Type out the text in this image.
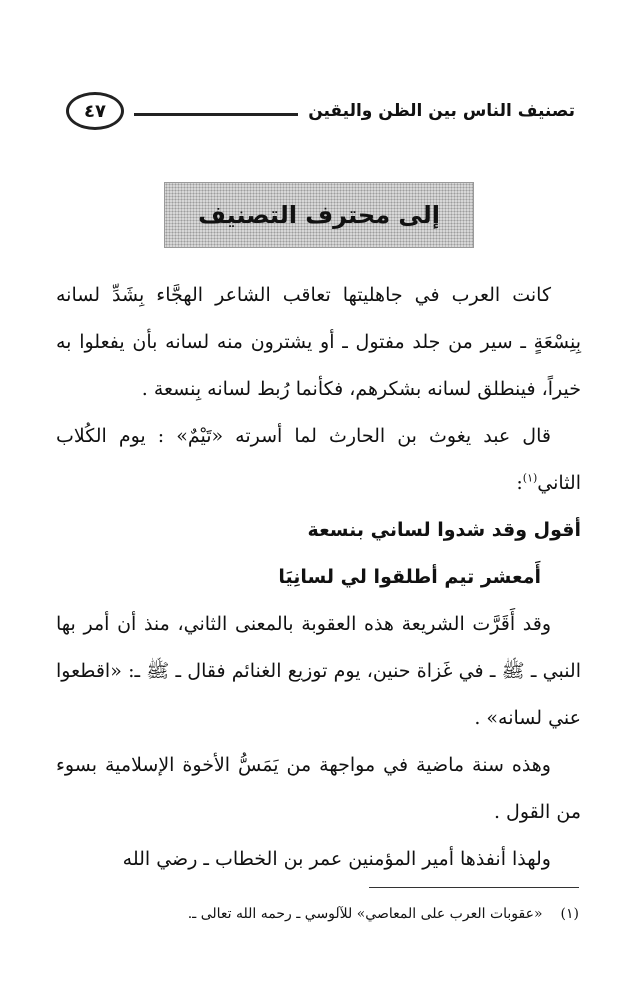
تصنيف الناس بين الظن واليقين
٤٧
إلى محترف التصنيف

كانت العرب في جاهليتها تعاقب الشاعر الهجَّاء بِشَدِّ لسانه بِنِسْعَةٍ ـ سير من جلد مفتول ـ أو يشترون منه لسانه بأن يفعلوا به خيراً، فينطلق لسانه بشكرهم، فكأنما رُبط لسانه بِنسعة .

قال عبد يغوث بن الحارث لما أسرته «تَيْمٌ» : يوم الكُلاب الثاني$^{(١)}$:

أقول وقد شدوا لساني بنسعة

أَمعشر تيم أطلقوا لي لسانِيَا

وقد أَقَرَّت الشريعة هذه العقوبة بالمعنى الثاني، منذ أن أمر بها النبي ـ ﷺ ـ في غَزاة حنين، يوم توزيع الغنائم فقال ـ ﷺ ـ: «اقطعوا عني لسانه» .

وهذه سنة ماضية في مواجهة من يَمَسُّ الأخوة الإسلامية بسوء من القول .

ولهذا أنفذها أمير المؤمنين عمر بن الخطاب ـ رضي الله

(١)
«عقوبات العرب على المعاصي» للآلوسي ـ رحمه الله تعالى ـ.
